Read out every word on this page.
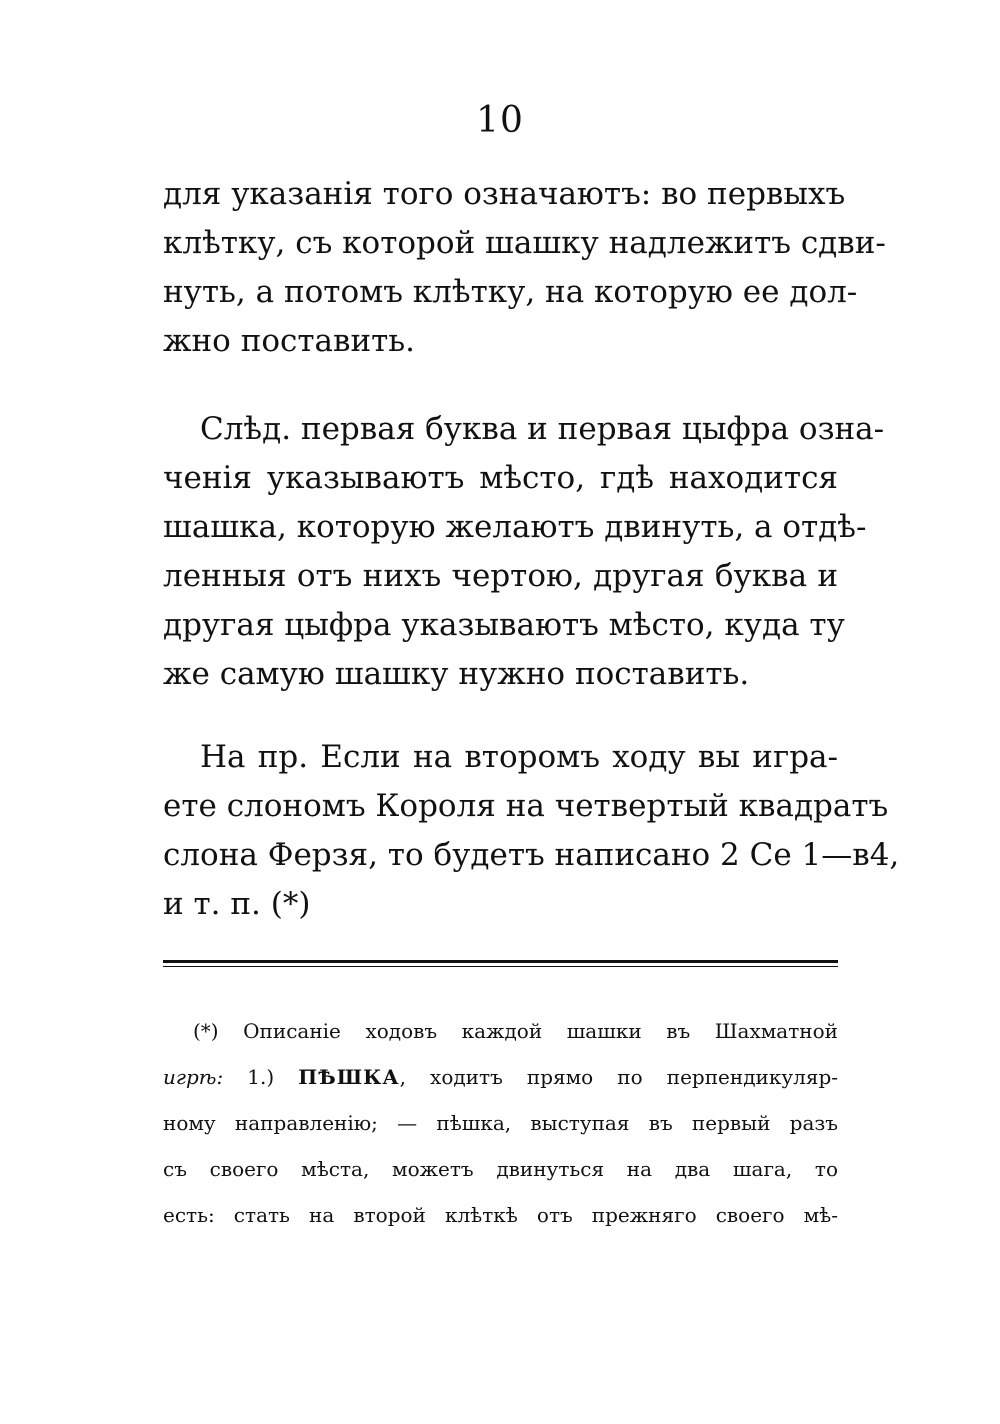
10
для указанія того означаютъ: во первыхъ
клѣтку, съ которой шашку надлежитъ сдви-
нуть, а потомъ клѣтку, на которую ее дол-
жно поставить.
Слѣд. первая буква и первая цыфра озна-
ченія указываютъ мѣсто, гдѣ находится
шашка, которую желаютъ двинуть, а отдѣ-
ленныя отъ нихъ чертою, другая буква и
другая цыфра указываютъ мѣсто, куда ту
же самую шашку нужно поставить.
На пр. Если на второмъ ходу вы игра-
ете слономъ Короля на четвертый квадратъ
слона Ферзя, то будетъ написано 2 Се 1—в4,
и т. п. (*)
(*) Описаніе ходовъ каждой шашки въ Шахматной
игрѣ: 1.) ПѢШКА, ходитъ прямо по перпендикуляр-
ному направленію; — пѣшка, выступая въ первый разъ
съ своего мѣста, можетъ двинуться на два шага, то
есть: стать на второй клѣткѣ отъ прежняго своего мѣ-
